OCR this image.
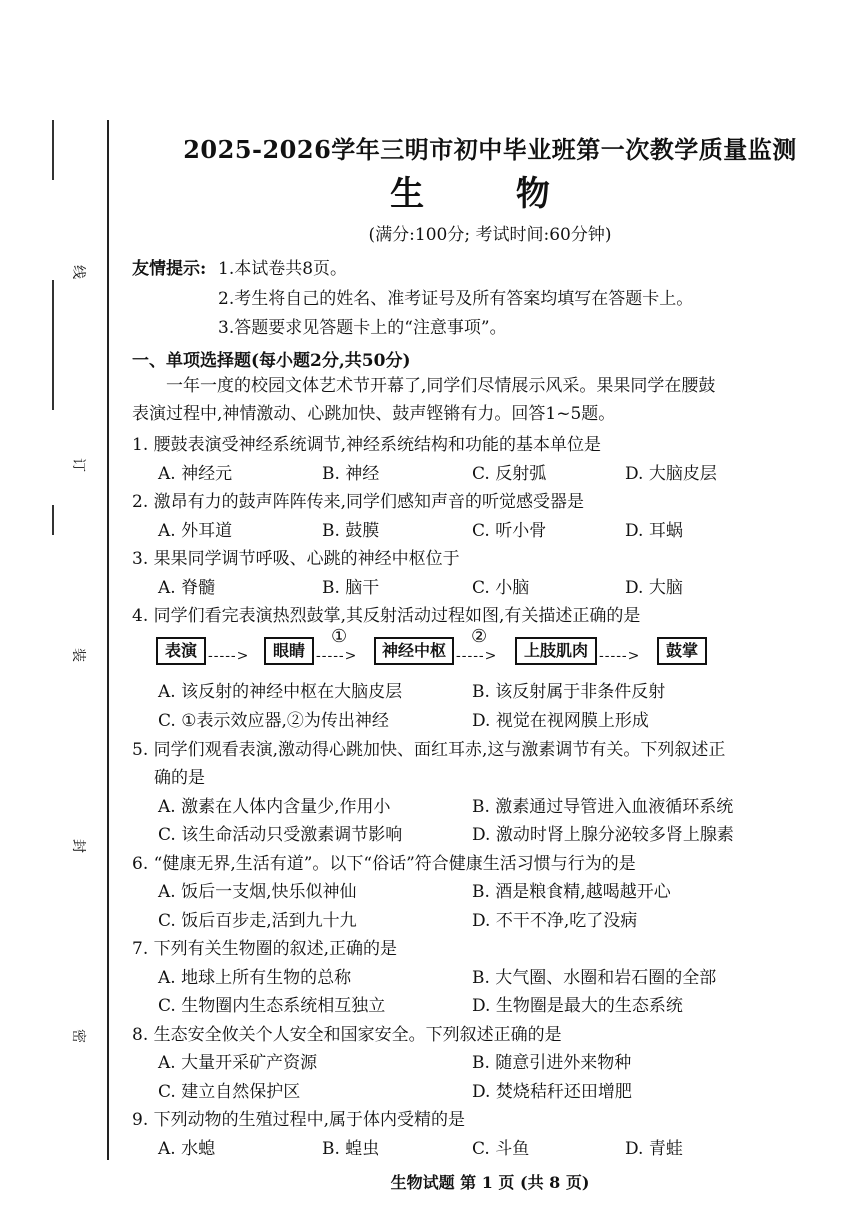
线
订
装
封
密
2025-2026学年三明市初中毕业班第一次教学质量监测
生 物
(满分:100分; 考试时间:60分钟)
友情提示: 1.本试卷共8页。
2.考生将自己的姓名、准考证号及所有答案均填写在答题卡上。
3.答题要求见答题卡上的“注意事项”。
一、单项选择题(每小题2分,共50分)
一年一度的校园文体艺术节开幕了,同学们尽情展示风采。果果同学在腰鼓
表演过程中,神情激动、心跳加快、鼓声铿锵有力。回答1~5题。
1. 腰鼓表演受神经系统调节,神经系统结构和功能的基本单位是
A. 神经元	B. 神经	C. 反射弧	D. 大脑皮层
2. 激昂有力的鼓声阵阵传来,同学们感知声音的听觉感受器是
A. 外耳道	B. 鼓膜	C. 听小骨	D. 耳蜗
3. 果果同学调节呼吸、心跳的神经中枢位于
A. 脊髓	B. 脑干	C. 小脑	D. 大脑
4. 同学们看完表演热烈鼓掌,其反射活动过程如图,有关描述正确的是
表演 ----->	眼睛 ----->
①
神经中枢 ----->
②
上肢肌肉 ----->	鼓掌
A. 该反射的神经中枢在大脑皮层	B. 该反射属于非条件反射
C. ①表示效应器,②为传出神经	D. 视觉在视网膜上形成
5. 同学们观看表演,激动得心跳加快、面红耳赤,这与激素调节有关。下列叙述正
确的是
A. 激素在人体内含量少,作用小	B. 激素通过导管进入血液循环系统
C. 该生命活动只受激素调节影响	D. 激动时肾上腺分泌较多肾上腺素
6. “健康无界,生活有道”。以下“俗话”符合健康生活习惯与行为的是
A. 饭后一支烟,快乐似神仙	B. 酒是粮食精,越喝越开心
C. 饭后百步走,活到九十九	D. 不干不净,吃了没病
7. 下列有关生物圈的叙述,正确的是
A. 地球上所有生物的总称	B. 大气圈、水圈和岩石圈的全部
C. 生物圈内生态系统相互独立	D. 生物圈是最大的生态系统
8. 生态安全攸关个人安全和国家安全。下列叙述正确的是
A. 大量开采矿产资源	B. 随意引进外来物种
C. 建立自然保护区	D. 焚烧秸秆还田增肥
9. 下列动物的生殖过程中,属于体内受精的是
A. 水螅	B. 蝗虫	C. 斗鱼	D. 青蛙
生物试题 第 1 页 (共 8 页)
